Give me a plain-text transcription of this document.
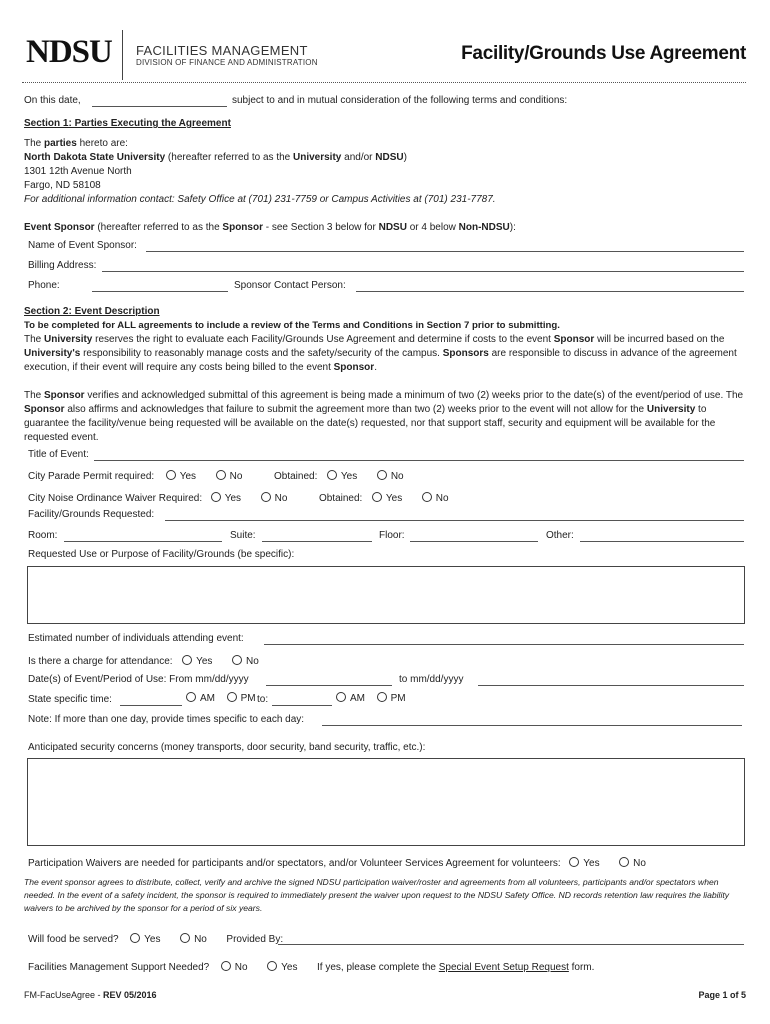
NDSU FACILITIES MANAGEMENT
DIVISION OF FINANCE AND ADMINISTRATION	Facility/Grounds Use Agreement
On this date,	subject to and in mutual consideration of the following terms and conditions:
Section 1: Parties Executing the Agreement
The parties hereto are:
North Dakota State University (hereafter referred to as the University and/or NDSU)
1301 12th Avenue North
Fargo, ND 58108
For additional information contact: Safety Office at (701) 231-7759 or Campus Activities at (701) 231-7787.
Event Sponsor (hereafter referred to as the Sponsor - see Section 3 below for NDSU or 4 below Non-NDSU):
Name of Event Sponsor:
Billing Address:
Phone:	Sponsor Contact Person:
Section 2: Event Description
To be completed for ALL agreements to include a review of the Terms and Conditions in Section 7 prior to submitting.

The University reserves the right to evaluate each Facility/Grounds Use Agreement and determine if costs to the event Sponsor will be incurred based on the University's responsibility to reasonably manage costs and the safety/security of the campus. Sponsors are responsible to discuss in advance of the agreement execution, if their event will require any costs being billed to the event Sponsor.

The Sponsor verifies and acknowledged submittal of this agreement is being made a minimum of two (2) weeks prior to the date(s) of the event/period of use. The Sponsor also affirms and acknowledges that failure to submit the agreement more than two (2) weeks prior to the event will not allow for the University to guarantee the facility/venue being requested will be available on the date(s) requested, nor that support staff, security and equipment will be available for the requested event.

Title of Event:
City Parade Permit required:	Yes	No	Obtained: Yes	No
City Noise Ordinance Waiver Required: Yes	No	Obtained: Yes	No
Facility/Grounds Requested:
Room:	Suite:	Floor:	Other:
Requested Use or Purpose of Facility/Grounds (be specific):
Estimated number of individuals attending event:
Is there a charge for attendance: Yes	No
Date(s) of Event/Period of Use: From mm/dd/yyyy	to mm/dd/yyyy
State specific time:	AM	PM to:	AM	PM
Note: If more than one day, provide times specific to each day:
Anticipated security concerns (money transports, door security, band security, traffic, etc.):
Participation Waivers are needed for participants and/or spectators, and/or Volunteer Services Agreement for volunteers: Yes	No

The event sponsor agrees to distribute, collect, verify and archive the signed NDSU participation waiver/roster and agreements from all volunteers, participants and/or spectators when needed. In the event of a safety incident, the sponsor is required to immediately present the waiver upon request to the NDSU Safety Office. ND records retention law requires the liability waivers to be archived by the sponsor for a period of six years.

Will food be served?	Yes	No Provided By:
Facilities Management Support Needed?	No	Yes If yes, please complete the Special Event Setup Request form.
FM-FacUseAgree - REV 05/2016	Page 1 of 5
